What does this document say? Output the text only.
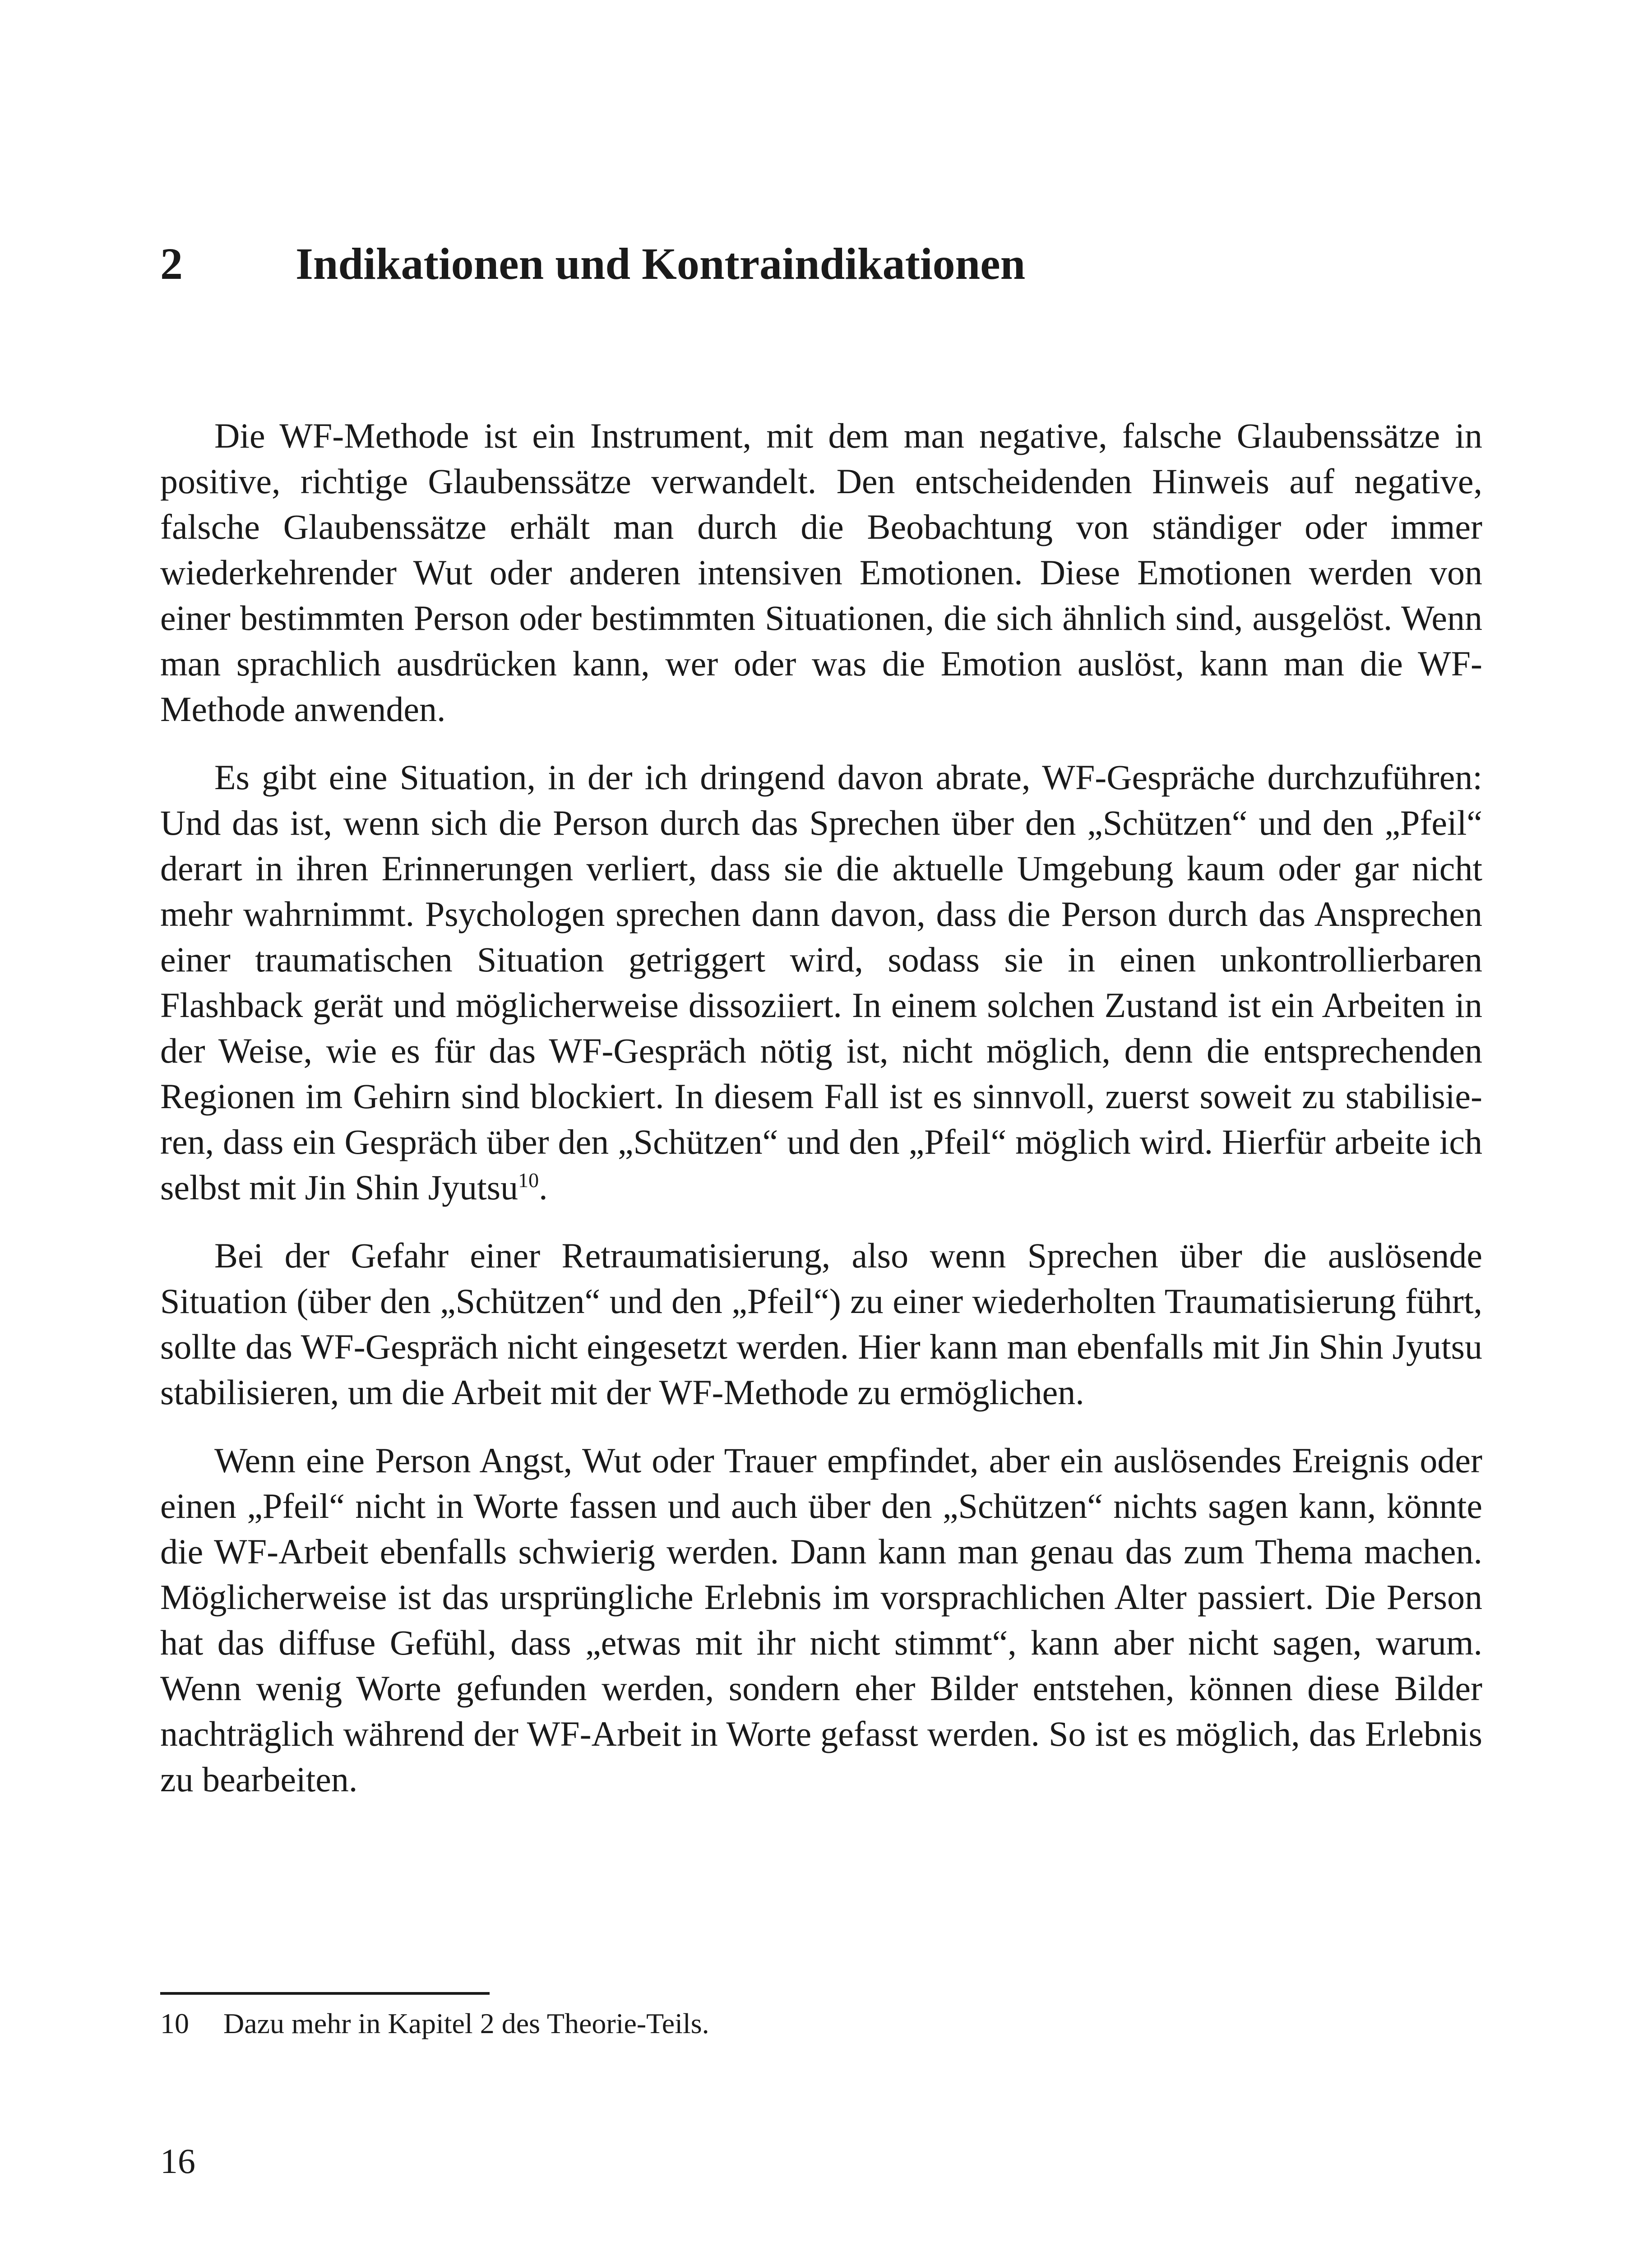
2	Indikationen und Kontraindikationen

Die WF-Methode ist ein Instrument, mit dem man negative, falsche Glaubenssätze in positive, richtige Glaubenssätze verwandelt. Den entscheidenden Hinweis auf negative, falsche Glaubenssätze erhält man durch die Beobachtung von ständiger oder immer wiederkehrender Wut oder anderen intensiven Emotionen. Diese Emotionen werden von einer bestimmten Person oder bestimmten Situationen, die sich ähnlich sind, ausgelöst. Wenn man sprachlich ausdrücken kann, wer oder was die Emotion auslöst, kann man die WF-Methode anwenden.

Es gibt eine Situation, in der ich dringend davon abrate, WF-Gespräche durchzuführen: Und das ist, wenn sich die Person durch das Sprechen über den „Schützen“ und den „Pfeil“ derart in ihren Erinnerungen verliert, dass sie die aktuelle Umgebung kaum oder gar nicht mehr wahrnimmt. Psychologen sprechen dann davon, dass die Person durch das Ansprechen einer traumatischen Situation getriggert wird, sodass sie in einen unkontrollierbaren Flashback gerät und möglicherweise dissoziiert. In einem solchen Zustand ist ein Arbeiten in der Weise, wie es für das WF-Gespräch nötig ist, nicht möglich, denn die entsprechenden Regionen im Gehirn sind blockiert. In diesem Fall ist es sinnvoll, zuerst soweit zu stabilisieren, dass ein Gespräch über den „Schützen“ und den „Pfeil“ möglich wird. Hierfür arbeite ich selbst mit Jin Shin Jyutsu$^{10}$.

Bei der Gefahr einer Retraumatisierung, also wenn Sprechen über die auslösende Situation (über den „Schützen“ und den „Pfeil“) zu einer wiederholten Traumatisierung führt, sollte das WF-Gespräch nicht eingesetzt werden. Hier kann man ebenfalls mit Jin Shin Jyutsu stabilisieren, um die Arbeit mit der WF-Methode zu ermöglichen.

Wenn eine Person Angst, Wut oder Trauer empfindet, aber ein auslösendes Ereignis oder einen „Pfeil“ nicht in Worte fassen und auch über den „Schützen“ nichts sagen kann, könnte die WF-Arbeit ebenfalls schwierig werden. Dann kann man genau das zum Thema machen. Möglicherweise ist das ursprüngliche Erlebnis im vorsprachlichen Alter passiert. Die Person hat das diffuse Gefühl, dass „etwas mit ihr nicht stimmt“, kann aber nicht sagen, warum. Wenn wenig Worte gefunden werden, sondern eher Bilder entstehen, können diese Bilder nachträglich während der WF-Arbeit in Worte gefasst werden. So ist es möglich, das Erlebnis zu bearbeiten.

10 Dazu mehr in Kapitel 2 des Theorie-Teils.
16
